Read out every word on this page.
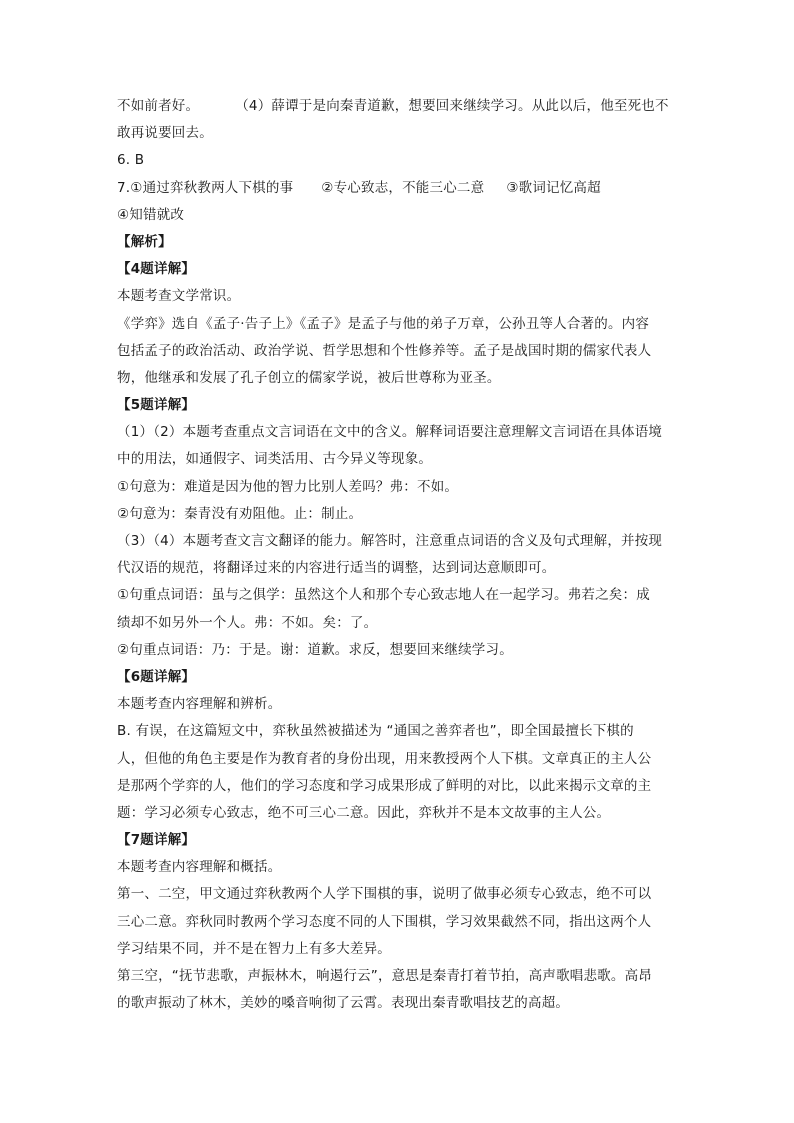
不如前者好。	（4）薛谭于是向秦青道歉，想要回来继续学习。从此以后，他至死也不
敢再说要回去。
6. B
7.①通过弈秋教两人下棋的事 ②专心致志，不能三心二意 ③歌词记忆高超
④知错就改
【解析】
【4题详解】
本题考查文学常识。
《学弈》选自《孟子·告子上》《孟子》是孟子与他的弟子万章，公孙丑等人合著的。内容
包括孟子的政治活动、政治学说、哲学思想和个性修养等。孟子是战国时期的儒家代表人
物，他继承和发展了孔子创立的儒家学说，被后世尊称为亚圣。
【5题详解】
（1）（2）本题考查重点文言词语在文中的含义。解释词语要注意理解文言词语在具体语境
中的用法，如通假字、词类活用、古今异义等现象。
①句意为：难道是因为他的智力比别人差吗？弗：不如。
②句意为：秦青没有劝阻他。止：制止。
（3）（4）本题考查文言文翻译的能力。解答时，注意重点词语的含义及句式理解，并按现
代汉语的规范，将翻译过来的内容进行适当的调整，达到词达意顺即可。
①句重点词语：虽与之俱学：虽然这个人和那个专心致志地人在一起学习。弗若之矣：成
绩却不如另外一个人。弗：不如。矣：了。
②句重点词语：乃：于是。谢：道歉。求反，想要回来继续学习。
【6题详解】
本题考查内容理解和辨析。
B. 有误，在这篇短文中，弈秋虽然被描述为 “通国之善弈者也”，即全国最擅长下棋的
人，但他的角色主要是作为教育者的身份出现，用来教授两个人下棋。文章真正的主人公
是那两个学弈的人，他们的学习态度和学习成果形成了鲜明的对比，以此来揭示文章的主
题：学习必须专心致志，绝不可三心二意。因此，弈秋并不是本文故事的主人公。
【7题详解】
本题考查内容理解和概括。
第一、二空，甲文通过弈秋教两个人学下围棋的事，说明了做事必须专心致志，绝不可以
三心二意。弈秋同时教两个学习态度不同的人下围棋，学习效果截然不同，指出这两个人
学习结果不同，并不是在智力上有多大差异。
第三空，“抚节悲歌，声振林木，响遏行云”，意思是秦青打着节拍，高声歌唱悲歌。高昂
的歌声振动了林木，美妙的嗓音响彻了云霄。表现出秦青歌唱技艺的高超。
